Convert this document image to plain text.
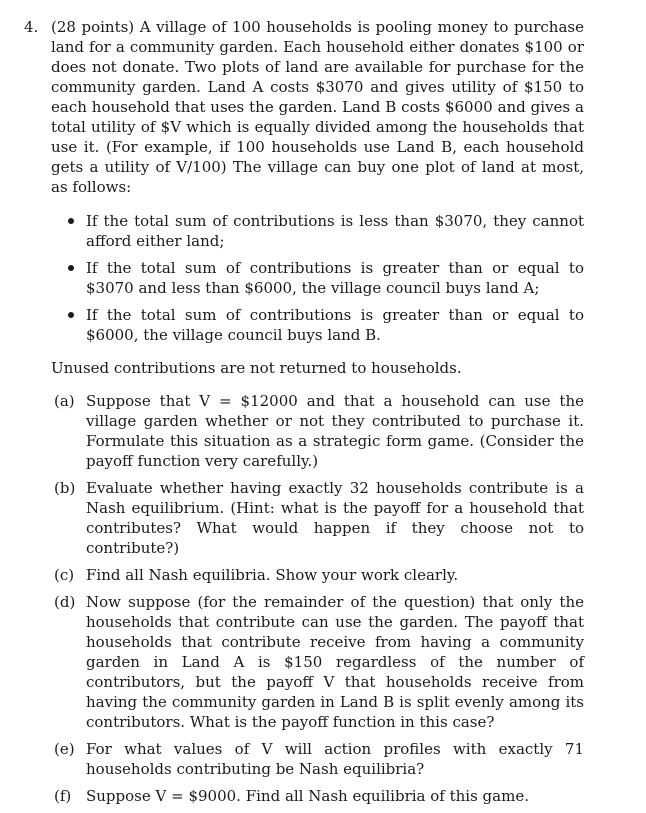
4. (28 points) A village of 100 households is pooling money to purchase land for a community garden. Each household either donates $100 or does not donate. Two plots of land are available for purchase for the community garden. Land A costs $3070 and gives utility of $150 to each household that uses the garden. Land B costs $6000 and gives a total utility of $V which is equally divided among the households that use it. (For example, if 100 households use Land B, each household gets a utility of V/100) The village can buy one plot of land at most, as follows:
If the total sum of contributions is less than $3070, they cannot afford either land;
If the total sum of contributions is greater than or equal to $3070 and less than $6000, the village council buys land A;
If the total sum of contributions is greater than or equal to $6000, the village council buys land B.
Unused contributions are not returned to households.
(a) Suppose that V = $12000 and that a household can use the village garden whether or not they contributed to purchase it. Formulate this situation as a strategic form game. (Consider the payoff function very carefully.)
(b) Evaluate whether having exactly 32 households contribute is a Nash equilibrium. (Hint: what is the payoff for a household that contributes? What would happen if they choose not to contribute?)
(c) Find all Nash equilibria. Show your work clearly.
(d) Now suppose (for the remainder of the question) that only the households that contribute can use the garden. The payoff that households that contribute receive from having a community garden in Land A is $150 regardless of the number of contributors, but the payoff V that households receive from having the community garden in Land B is split evenly among its contributors. What is the payoff function in this case?
(e) For what values of V will action profiles with exactly 71 households contributing be Nash equilibria?
(f) Suppose V = $9000. Find all Nash equilibria of this game.
